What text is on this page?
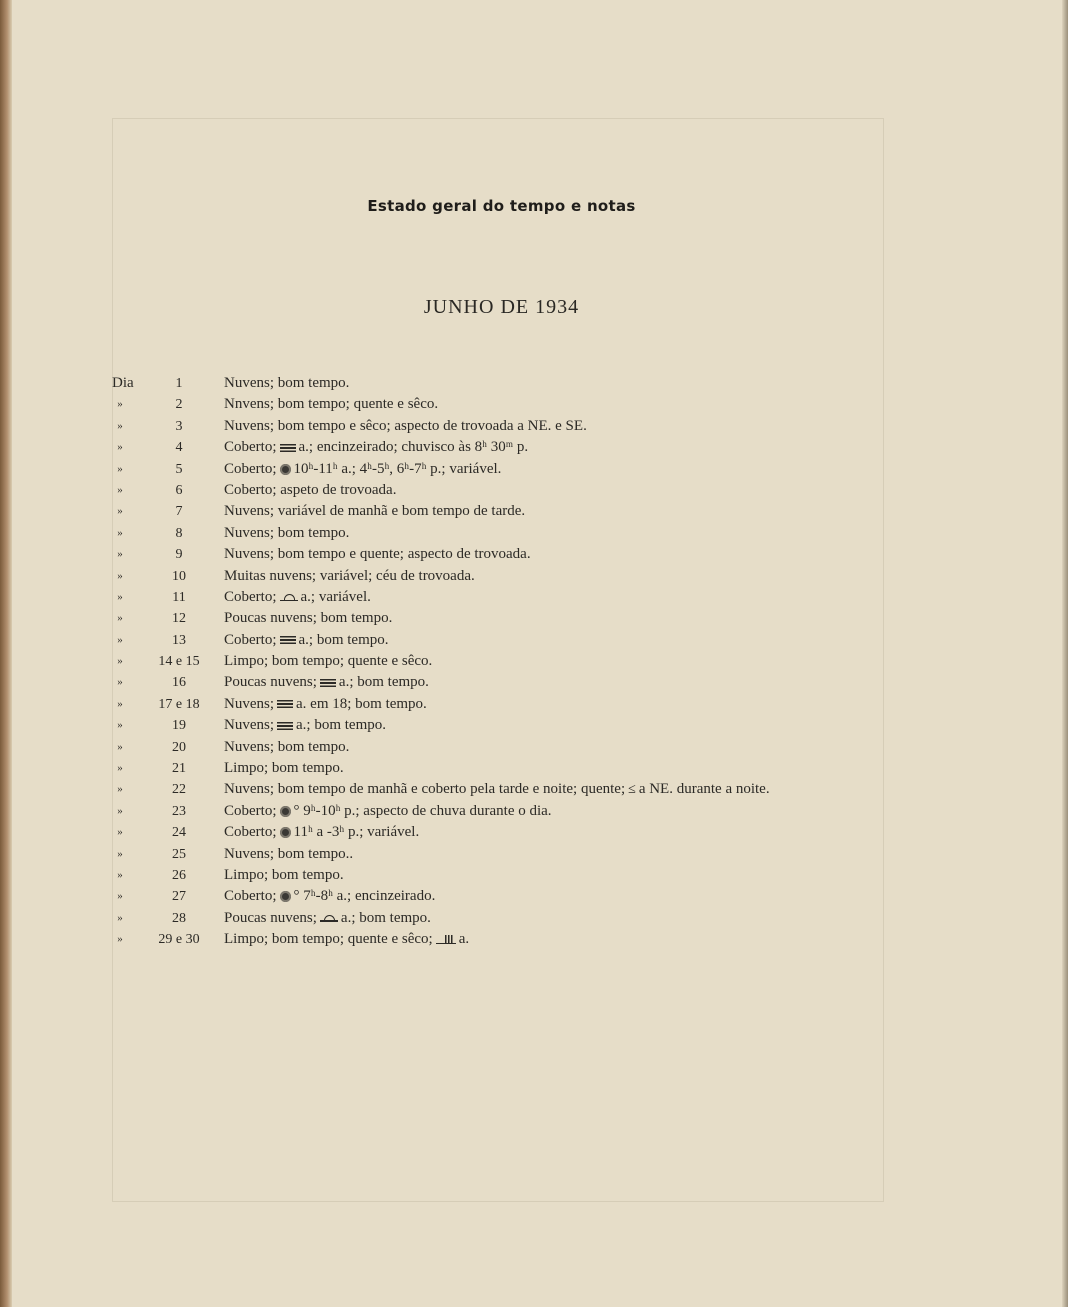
Estado geral do tempo e notas
JUNHO DE 1934
Dia	1	Nuvens; bom tempo.
»	2	Nnvens; bom tempo; quente e sêco.
»	3	Nuvens; bom tempo e sêco; aspecto de trovoada a NE. e SE.
»	4	Coberto; a.; encinzeirado; chuvisco às 8ʰ 30ᵐ p.
»	5	Coberto; 10ʰ-11ʰ a.; 4ʰ-5ʰ, 6ʰ-7ʰ p.; variável.
»	6	Coberto; aspeto de trovoada.
»	7	Nuvens; variável de manhã e bom tempo de tarde.
»	8	Nuvens; bom tempo.
»	9	Nuvens; bom tempo e quente; aspecto de trovoada.
»	10	Muitas nuvens; variável; céu de trovoada.
»	11	Coberto; a.; variável.
»	12	Poucas nuvens; bom tempo.
»	13	Coberto; a.; bom tempo.
»	14 e 15	Limpo; bom tempo; quente e sêco.
»	16	Poucas nuvens; a.; bom tempo.
»	17 e 18	Nuvens; a. em 18; bom tempo.
»	19	Nuvens; a.; bom tempo.
»	20	Nuvens; bom tempo.
»	21	Limpo; bom tempo.
»	22	Nuvens; bom tempo de manhã e coberto pela tarde e noite; quente; ≤ a NE. durante a noite.
»	23	Coberto; ° 9ʰ-10ʰ p.; aspecto de chuva durante o dia.
»	24	Coberto; 11ʰ a -3ʰ p.; variável.
»	25	Nuvens; bom tempo..
»	26	Limpo; bom tempo.
»	27	Coberto; ° 7ʰ-8ʰ a.; encinzeirado.
»	28	Poucas nuvens; a.; bom tempo.
»	29 e 30	Limpo; bom tempo; quente e sêco; a.
